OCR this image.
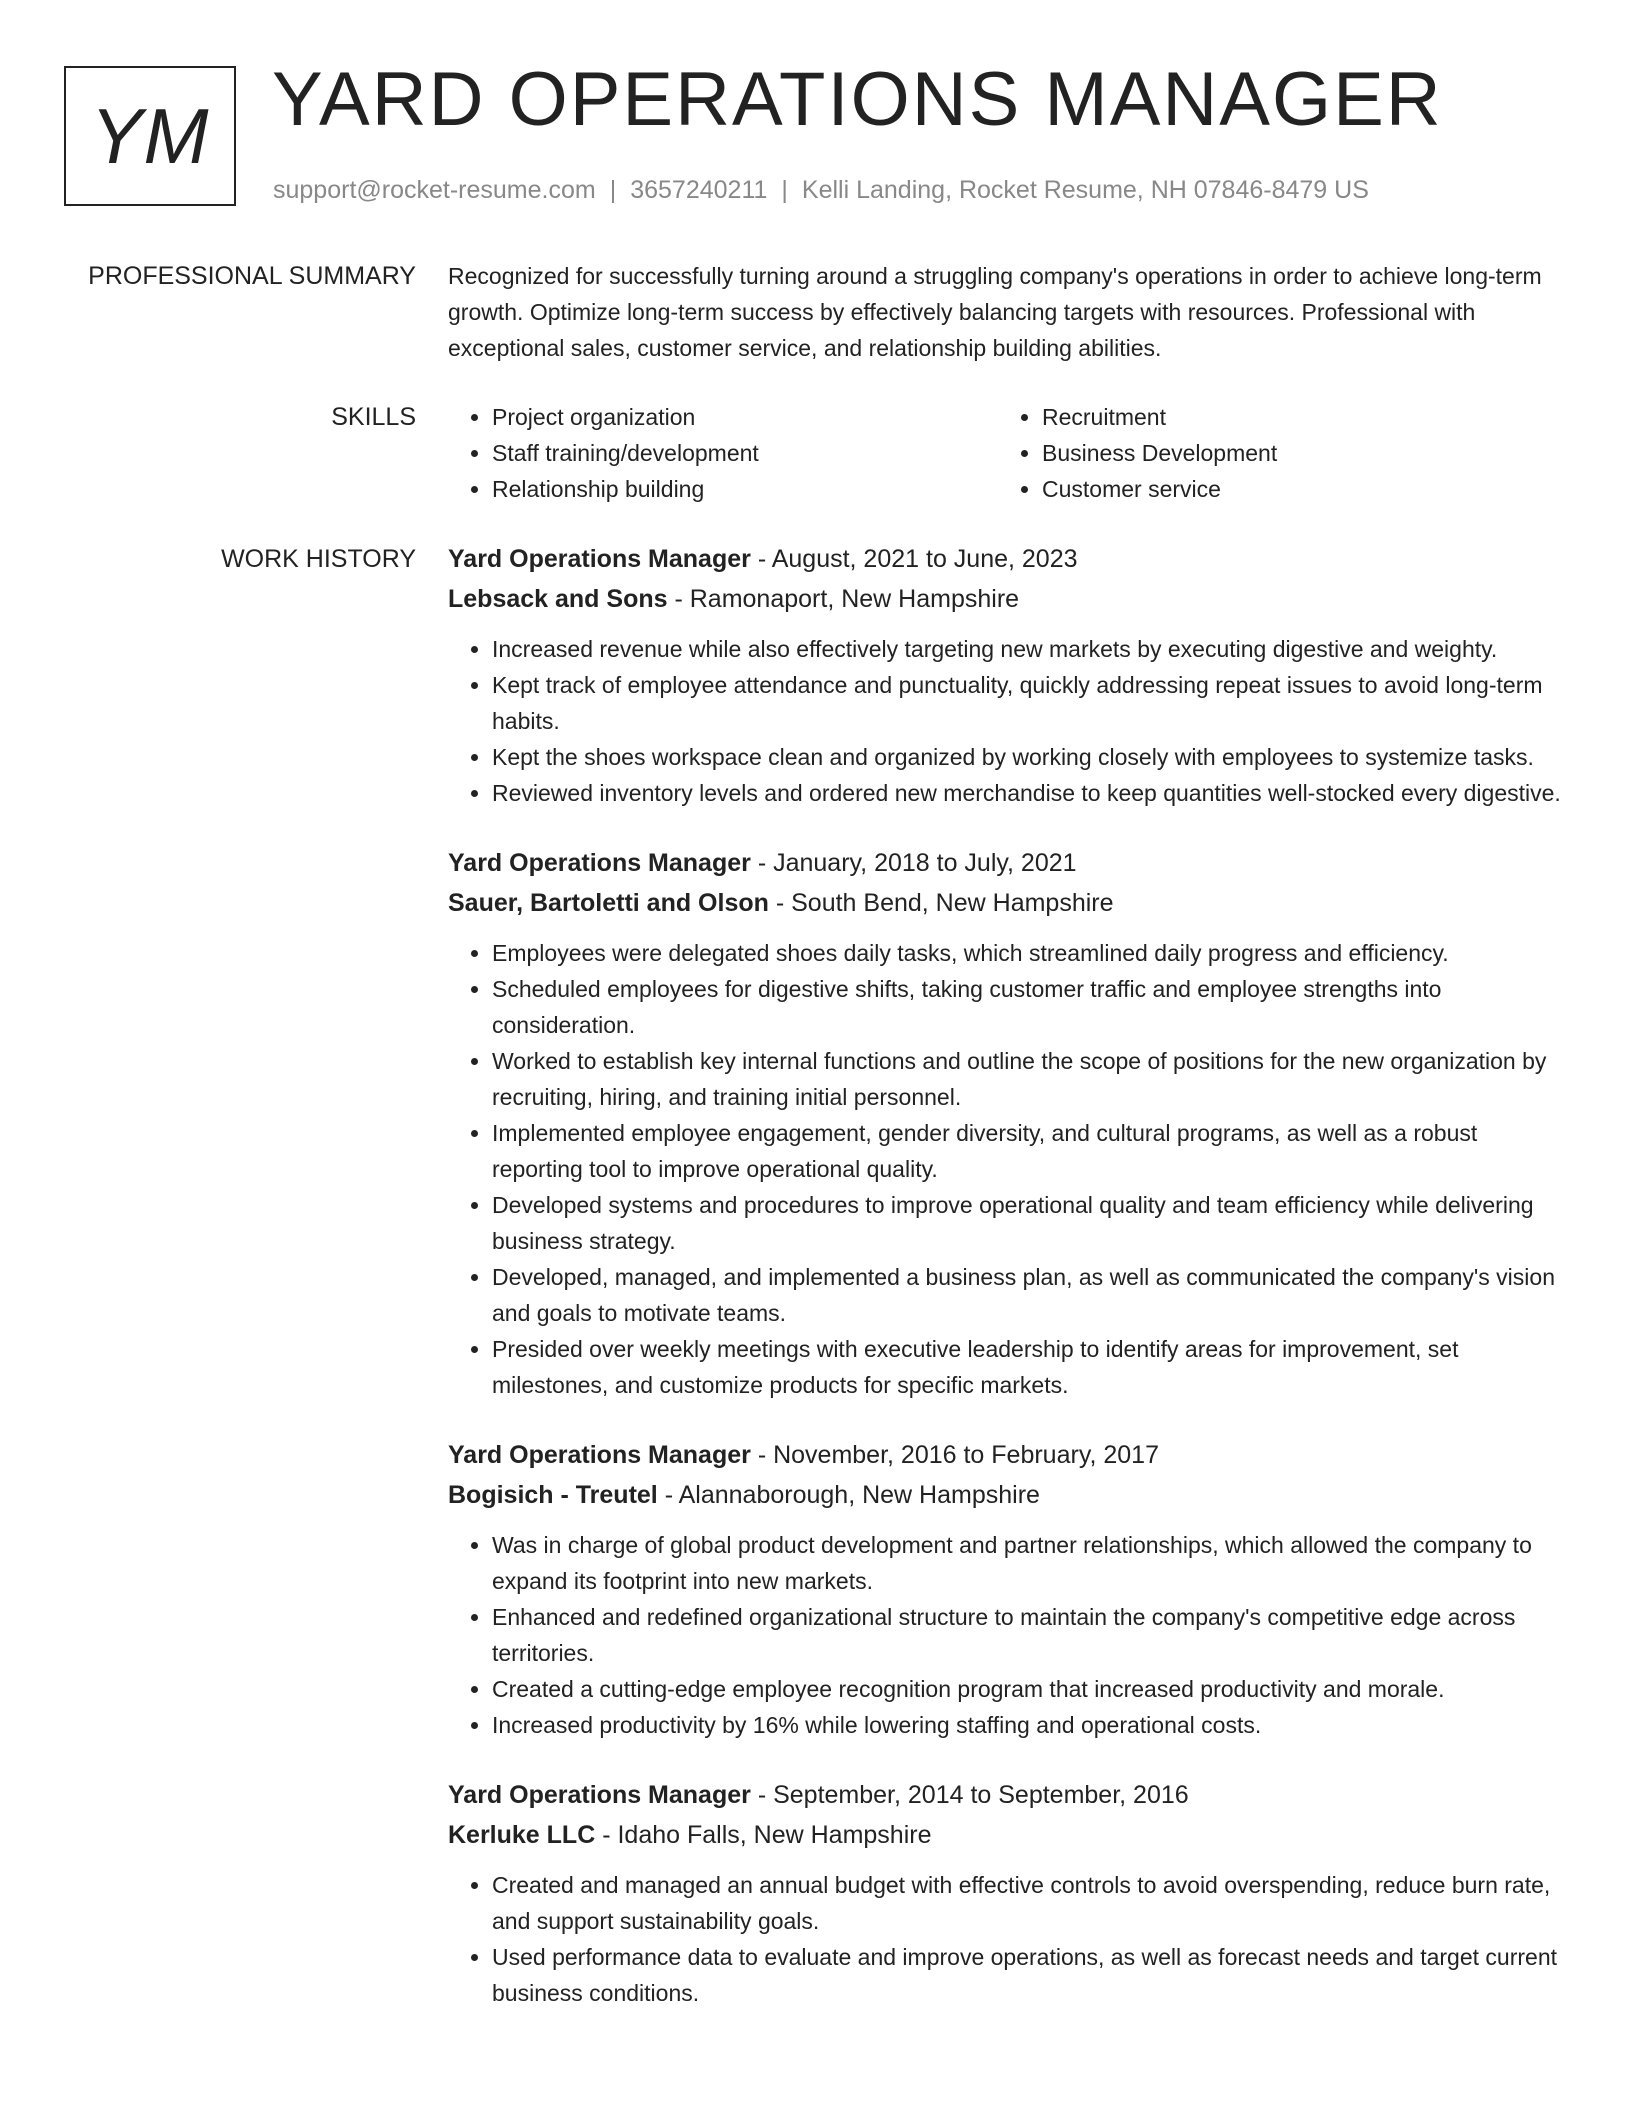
YM YARD OPERATIONS MANAGER
support@rocket-resume.com | 3657240211 | Kelli Landing, Rocket Resume, NH 07846-8479 US
PROFESSIONAL SUMMARY Recognized for successfully turning around a struggling company's operations in order to achieve long-term growth. Optimize long-term success by effectively balancing targets with resources. Professional with exceptional sales, customer service, and relationship building abilities.

SKILLS
•	Project organization
• Staff training/development
• Relationship building
• Recruitment
• Business Development
• Customer service
WORK HISTORY Yard Operations Manager - August, 2021 to June, 2023
Lebsack and Sons - Ramonaport, New Hampshire
• Increased revenue while also effectively targeting new markets by executing digestive and weighty.
• Kept track of employee attendance and punctuality, quickly addressing repeat issues to avoid long-term habits.
• Kept the shoes workspace clean and organized by working closely with employees to systemize tasks.
• Reviewed inventory levels and ordered new merchandise to keep quantities well-stocked every digestive.
Yard Operations Manager - January, 2018 to July, 2021
Sauer, Bartoletti and Olson - South Bend, New Hampshire
• Employees were delegated shoes daily tasks, which streamlined daily progress and efficiency.
• Scheduled employees for digestive shifts, taking customer traffic and employee strengths into consideration.
• Worked to establish key internal functions and outline the scope of positions for the new organization by recruiting, hiring, and training initial personnel.
• Implemented employee engagement, gender diversity, and cultural programs, as well as a robust reporting tool to improve operational quality.
• Developed systems and procedures to improve operational quality and team efficiency while delivering business strategy.
• Developed, managed, and implemented a business plan, as well as communicated the company's vision and goals to motivate teams.
• Presided over weekly meetings with executive leadership to identify areas for improvement, set milestones, and customize products for specific markets.
Yard Operations Manager - November, 2016 to February, 2017
Bogisich - Treutel - Alannaborough, New Hampshire
• Was in charge of global product development and partner relationships, which allowed the company to expand its footprint into new markets.
• Enhanced and redefined organizational structure to maintain the company's competitive edge across territories.
• Created a cutting-edge employee recognition program that increased productivity and morale.
• Increased productivity by 16% while lowering staffing and operational costs.
Yard Operations Manager - September, 2014 to September, 2016
Kerluke LLC - Idaho Falls, New Hampshire
• Created and managed an annual budget with effective controls to avoid overspending, reduce burn rate, and support sustainability goals.
• Used performance data to evaluate and improve operations, as well as forecast needs and target current business conditions.
